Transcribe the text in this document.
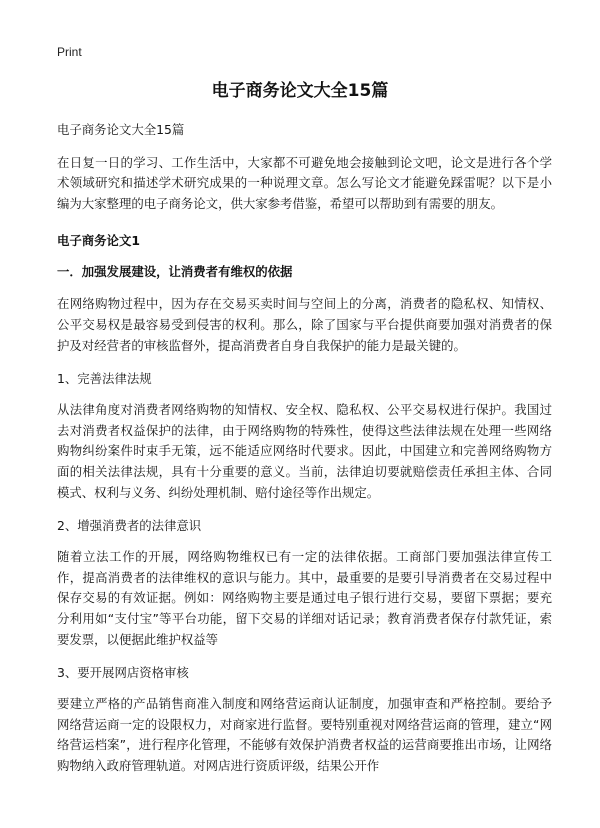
Print
电子商务论文大全15篇

电子商务论文大全15篇

在日复一日的学习、工作生活中，大家都不可避免地会接触到论文吧，论文是进行各个学术领域研究和描述学术研究成果的一种说理文章。怎么写论文才能避免踩雷呢？以下是小编为大家整理的电子商务论文，供大家参考借鉴，希望可以帮助到有需要的朋友。

电子商务论文1
一．加强发展建设，让消费者有维权的依据

在网络购物过程中，因为存在交易买卖时间与空间上的分离，消费者的隐私权、知情权、公平交易权是最容易受到侵害的权利。那么，除了国家与平台提供商要加强对消费者的保护及对经营者的审核监督外，提高消费者自身自我保护的能力是最关键的。

1、完善法律法规

从法律角度对消费者网络购物的知情权、安全权、隐私权、公平交易权进行保护。我国过去对消费者权益保护的法律，由于网络购物的特殊性，使得这些法律法规在处理一些网络购物纠纷案件时束手无策，远不能适应网络时代要求。因此，中国建立和完善网络购物方面的相关法律法规，具有十分重要的意义。当前，法律迫切要就赔偿责任承担主体、合同模式、权利与义务、纠纷处理机制、赔付途径等作出规定。

2、增强消费者的法律意识

随着立法工作的开展，网络购物维权已有一定的法律依据。工商部门要加强法律宣传工作，提高消费者的法律维权的意识与能力。其中，最重要的是要引导消费者在交易过程中保存交易的有效证据。例如：网络购物主要是通过电子银行进行交易，要留下票据；要充分利用如“支付宝”等平台功能，留下交易的详细对话记录；教育消费者保存付款凭证，索要发票，以便据此维护权益等

3、要开展网店资格审核

要建立严格的产品销售商准入制度和网络营运商认证制度，加强审查和严格控制。要给予网络营运商一定的设限权力，对商家进行监督。要特别重视对网络营运商的管理，建立“网络营运档案”，进行程序化管理，不能够有效保护消费者权益的运营商要推出市场，让网络购物纳入政府管理轨道。对网店进行资质评级，结果公开作
